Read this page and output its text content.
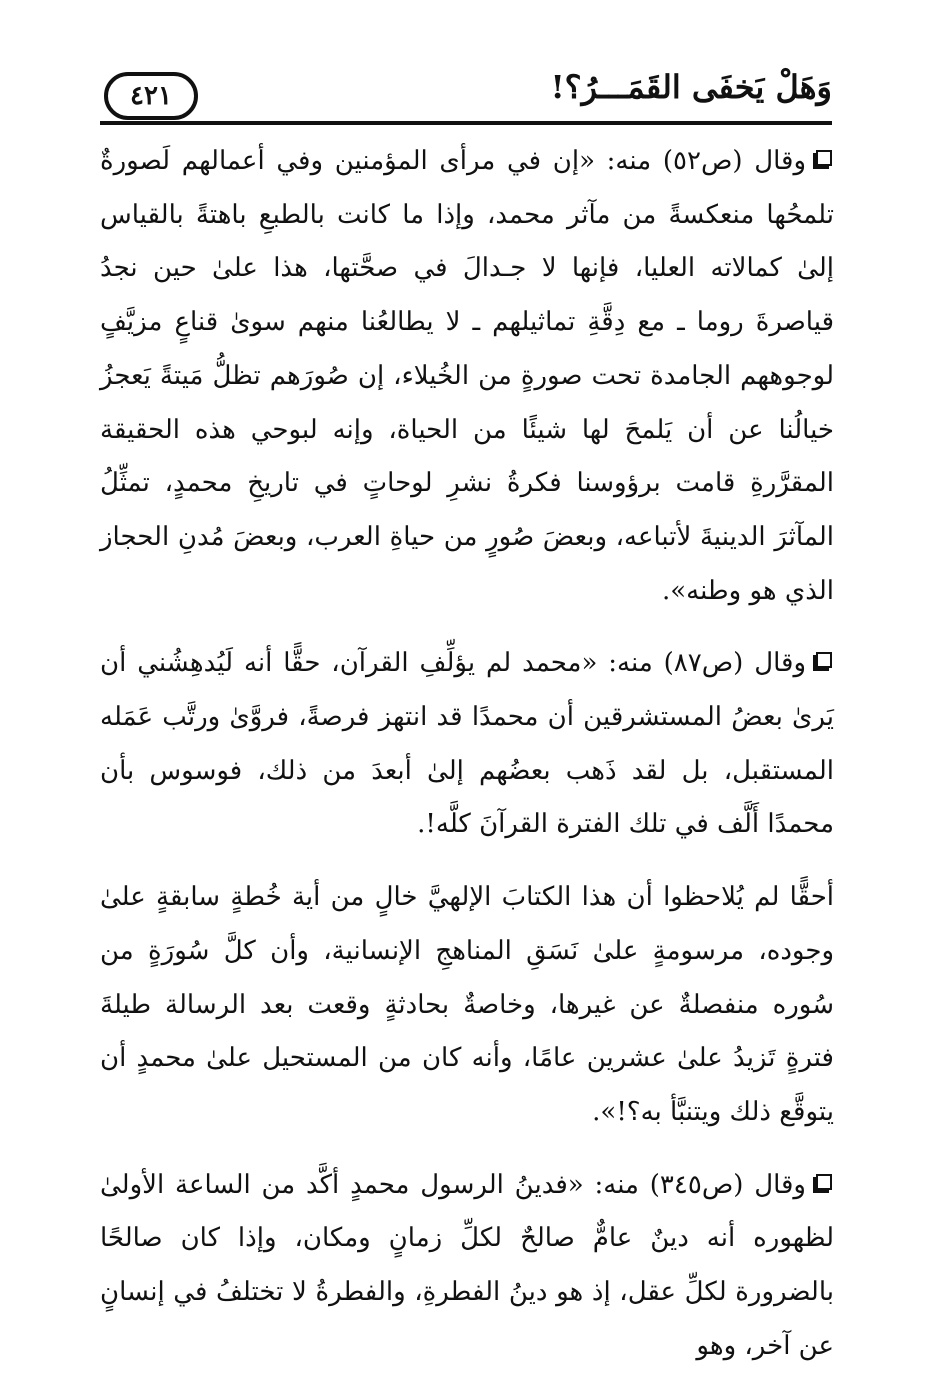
وَهَلْ يَخفَى القَمَـــرُ؟!
٤٢١

وقال (ص٥٢) منه: «إن في مرأى المؤمنين وفي أعمالهم لَصورةٌ تلمحُها منعكسةً من مآثر محمد، وإذا ما كانت بالطبعِ باهتةً بالقياس إلىٰ كمالاته العليا، فإنها لا جـدالَ في صحَّتها، هذا علىٰ حين نجدُ قياصرةَ روما ـ مع دِقَّةِ تماثيلهم ـ لا يطالعُنا منهم سوىٰ قناعٍ مزيَّفٍ لوجوههم الجامدة تحت صورةٍ من الخُيلاء، إن صُورَهم تظلُّ مَيتةً يَعجزُ خيالُنا عن أن يَلمحَ لها شيئًا من الحياة، وإنه لبوحي هذه الحقيقة المقرَّرةِ قامت برؤوسنا فكرةُ نشرِ لوحاتٍ في تاريخِ محمدٍ، تمثِّلُ المآثرَ الدينيةَ لأتباعه، وبعضَ صُورٍ من حياةِ العرب، وبعضَ مُدنِ الحجاز الذي هو وطنه».

وقال (ص٨٧) منه: «محمد لم يؤلِّفِ القرآن، حقًّا أنه لَيُدهِشُني أن يَرىٰ بعضُ المستشرقين أن محمدًا قد انتهز فرصةً، فروَّىٰ ورتَّب عَمَله المستقبل، بل لقد ذَهب بعضُهم إلىٰ أبعدَ من ذلك، فوسوس بأن محمدًا أَلَّف في تلك الفترة القرآنَ كلَّه!.

أحقًّا لم يُلاحظوا أن هذا الكتابَ الإلهيَّ خالٍ من أية خُطةٍ سابقةٍ علىٰ وجوده، مرسومةٍ علىٰ نَسَقِ المناهجِ الإنسانية، وأن كلَّ سُورَةٍ من سُوره منفصلةٌ عن غيرها، وخاصةٌ بحادثةٍ وقعت بعد الرسالة طيلةَ فترةٍ تَزيدُ علىٰ عشرين عامًا، وأنه كان من المستحيل علىٰ محمدٍ أن يتوقَّع ذلك ويتنبَّأ به؟!».

وقال (ص٣٤٥) منه: «فدينُ الرسول محمدٍ أكَّد من الساعة الأولىٰ لظهوره أنه دينٌ عامٌّ صالحٌ لكلِّ زمانٍ ومكان، وإذا كان صالحًا بالضرورة لكلِّ عقل، إذ هو دينُ الفطرةِ، والفطرةُ لا تختلفُ في إنسانٍ عن آخر، وهو
